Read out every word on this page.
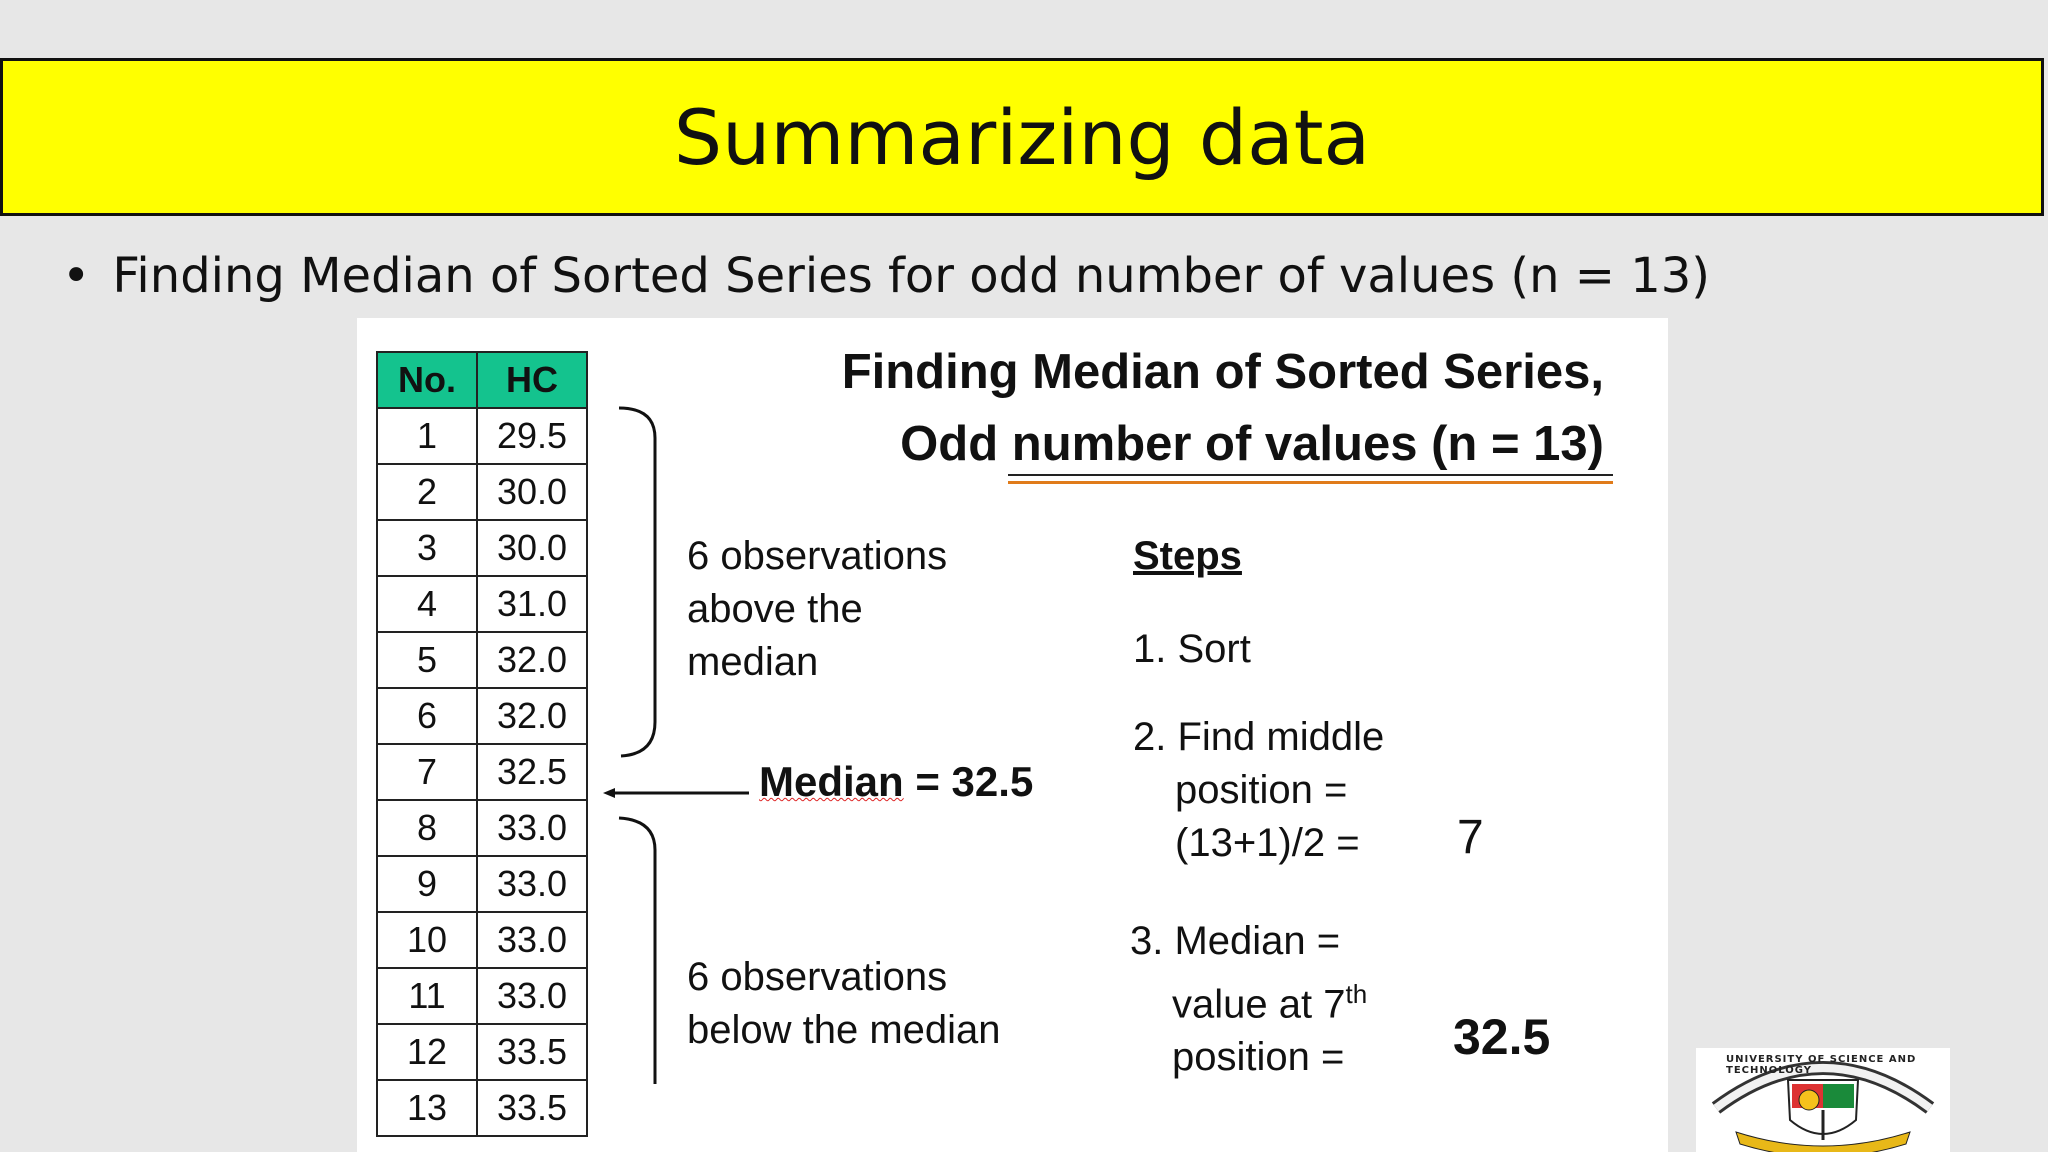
Summarizing data
• Finding Median of Sorted Series for odd number of values (n = 13)
No.	HC
1	29.5
2	30.0
3	30.0
4	31.0
5	32.0
6	32.0
7	32.5
8	33.0
9	33.0
10	33.0
11	33.0
12	33.5
13	33.5
Finding Median of Sorted Series,
Odd number of values (n = 13)
6 observations
above the
median
Median = 32.5
6 observations
below the median
Steps
1. Sort
2. Find middle
position =
(13+1)/2 =	7
3. Median =
value at 7th
position =	32.5	UNIVERSITY OF SCIENCE AND TECHNOLOGY
